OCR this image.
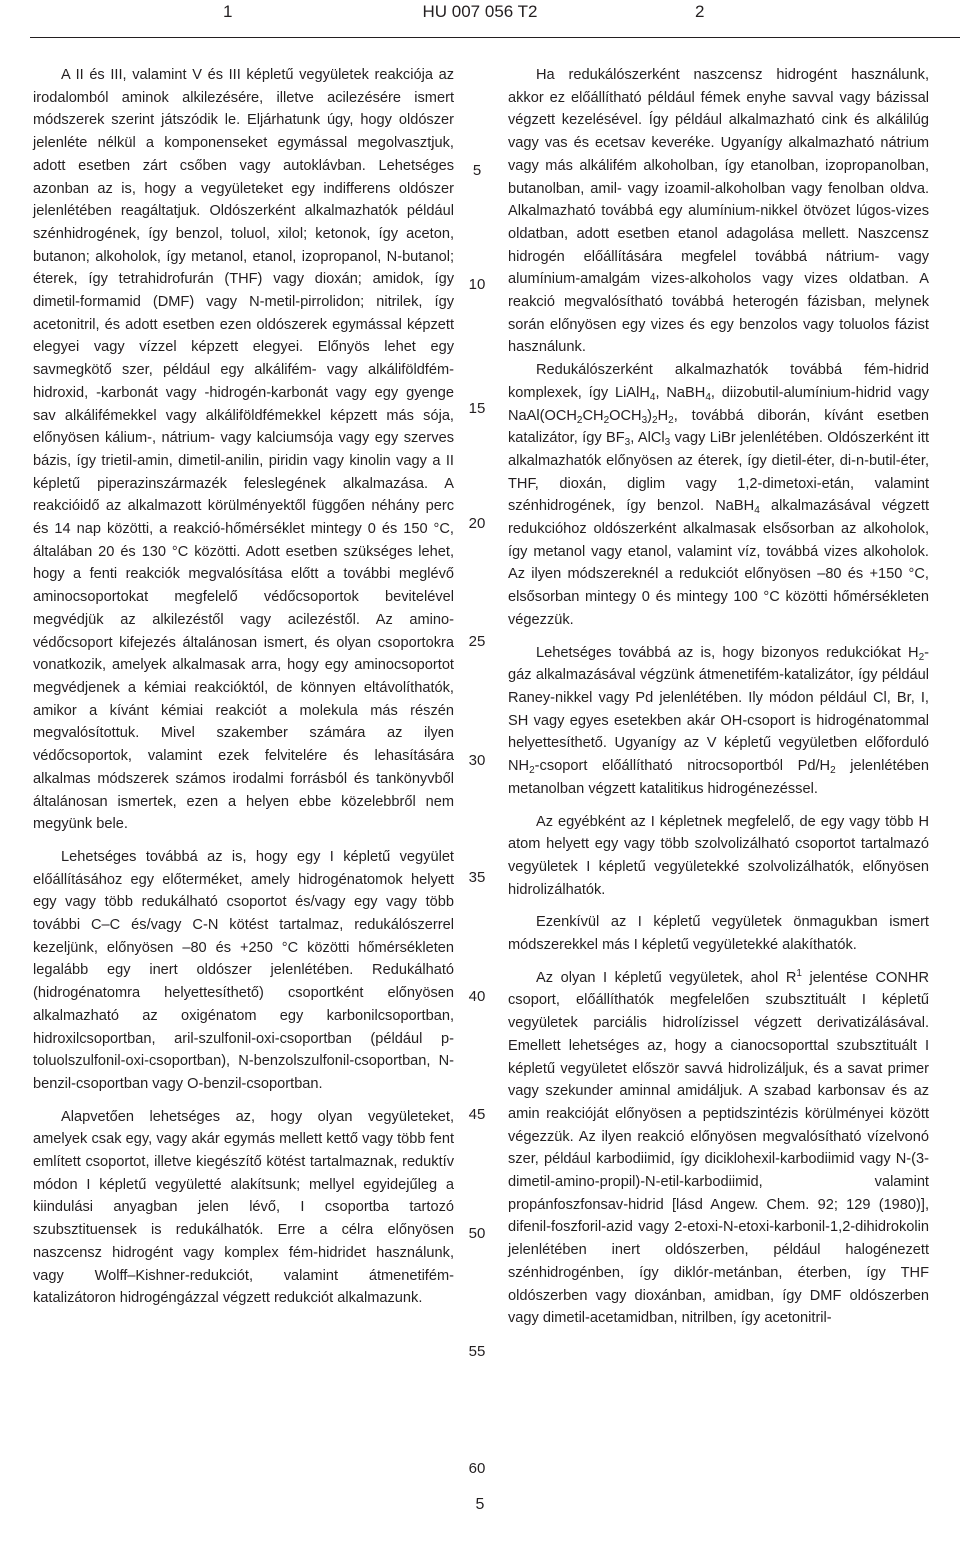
1	HU 007 056 T2	2

A II és III, valamint V és III képletű vegyületek reakciója az irodalomból aminok alkilezésére, illetve acilezésére ismert módszerek szerint játszódik le. Eljárhatunk úgy, hogy oldószer jelenléte nélkül a komponenseket egymással megolvasztjuk, adott esetben zárt csőben vagy autoklávban. Lehetséges azonban az is, hogy a vegyületeket egy indifferens oldószer jelenlétében reagáltatjuk. Oldószerként alkalmazhatók például szénhidrogének, így benzol, toluol, xilol; ketonok, így aceton, butanon; alkoholok, így metanol, etanol, izopropanol, N-butanol; éterek, így tetrahidrofurán (THF) vagy dioxán; amidok, így dimetil-formamid (DMF) vagy N-metil-pirrolidon; nitrilek, így acetonitril, és adott esetben ezen oldószerek egymással képzett elegyei vagy vízzel képzett elegyei. Előnyös lehet egy savmegkötő szer, például egy alkálifém- vagy alkáliföldfém-hidroxid, -karbonát vagy -hidrogén-karbonát vagy egy gyenge sav alkálifémekkel vagy alkáliföldfémekkel képzett más sója, előnyösen kálium-, nátrium- vagy kalciumsója vagy egy szerves bázis, így trietil-amin, dimetil-anilin, piridin vagy kinolin vagy a II képletű piperazinszármazék feleslegének alkalmazása. A reakcióidő az alkalmazott körülményektől függően néhány perc és 14 nap közötti, a reakció-hőmérséklet mintegy 0 és 150 °C, általában 20 és 130 °C közötti. Adott esetben szükséges lehet, hogy a fenti reakciók megvalósítása előtt a további meglévő aminocsoportokat megfelelő védőcsoportok bevitelével megvédjük az alkilezéstől vagy acilezéstől. Az amino-védőcsoport kifejezés általánosan ismert, és olyan csoportokra vonatkozik, amelyek alkalmasak arra, hogy egy aminocsoportot megvédjenek a kémiai reakcióktól, de könnyen eltávolíthatók, amikor a kívánt kémiai reakciót a molekula más részén megvalósítottuk. Mivel szakember számára az ilyen védőcsoportok, valamint ezek felvitelére és lehasítására alkalmas módszerek számos irodalmi forrásból és tankönyvből általánosan ismertek, ezen a helyen ebbe közelebbről nem megyünk bele.

Lehetséges továbbá az is, hogy egy I képletű vegyület előállításához egy előterméket, amely hidrogénatomok helyett egy vagy több redukálható csoportot és/vagy egy vagy több további C–C és/vagy C-N kötést tartalmaz, redukálószerrel kezeljünk, előnyösen –80 és +250 °C közötti hőmérsékleten legalább egy inert oldószer jelenlétében. Redukálható (hidrogénatomra helyettesíthető) csoportként előnyösen alkalmazható az oxigénatom egy karbonilcsoportban, hidroxilcsoportban, aril-szulfonil-oxi-csoportban (például p-toluolszulfonil-oxi-csoportban), N-benzolszulfonil-csoportban, N-benzil-csoportban vagy O-benzil-csoportban.

Alapvetően lehetséges az, hogy olyan vegyületeket, amelyek csak egy, vagy akár egymás mellett kettő vagy több fent említett csoportot, illetve kiegészítő kötést tartalmaznak, reduktív módon I képletű vegyületté alakítsunk; mellyel egyidejűleg a kiindulási anyagban jelen lévő, I csoportba tartozó szubsztituensek is redukálhatók. Erre a célra előnyösen naszcensz hidrogént vagy komplex fém-hidridet használunk, vagy Wolff–Kishner-redukciót, valamint átmenetifém-katalizátoron hidrogéngázzal végzett redukciót alkalmazunk.

Ha redukálószerként naszcensz hidrogént használunk, akkor ez előállítható például fémek enyhe savval vagy bázissal végzett kezelésével. Így például alkalmazható cink és alkálilúg vagy vas és ecetsav keveréke. Ugyanígy alkalmazható nátrium vagy más alkálifém alkoholban, így etanolban, izopropanolban, butanolban, amil- vagy izoamil-alkoholban vagy fenolban oldva. Alkalmazható továbbá egy alumínium-nikkel ötvözet lúgos-vizes oldatban, adott esetben etanol adagolása mellett. Naszcensz hidrogén előállítására megfelel továbbá nátrium- vagy alumínium-amalgám vizes-alkoholos vagy vizes oldatban. A reakció megvalósítható továbbá heterogén fázisban, melynek során előnyösen egy vizes és egy benzolos vagy toluolos fázist használunk.

Redukálószerként alkalmazhatók továbbá fém-hidrid komplexek, így LiAlH$_4$, NaBH$_4$, diizobutil-alumínium-hidrid vagy $NaAl(OCH_2CH_2OCH_3)_2H_2$, továbbá diborán, kívánt esetben katalizátor, így $BF_3$, AlCl$_3$ vagy LiBr jelenlétében. Oldószerként itt alkalmazhatók előnyösen az éterek, így dietil-éter, di-n-butil-éter, THF, dioxán, diglim vagy 1,2-dimetoxi-etán, valamint szénhidrogének, így benzol. NaBH$_4$ alkalmazásával végzett redukcióhoz oldószerként alkalmasak elsősorban az alkoholok, így metanol vagy etanol, valamint víz, továbbá vizes alkoholok. Az ilyen módszereknél a redukciót előnyösen –80 és +150 °C, elsősorban mintegy 0 és mintegy 100 °C közötti hőmérsékleten végezzük.

Lehetséges továbbá az is, hogy bizonyos redukciókat $H_2$-gáz alkalmazásával végzünk átmenetifém-katalizátor, így például Raney-nikkel vagy Pd jelenlétében. Ily módon például Cl, Br, I, SH vagy egyes esetekben akár OH-csoport is hidrogénatommal helyettesíthető. Ugyanígy az V képletű vegyületben előforduló $NH_2$-csoport előállítható nitrocsoportból $Pd/H_2$ jelenlétében metanolban végzett katalitikus hidrogénezéssel.

Az egyébként az I képletnek megfelelő, de egy vagy több H atom helyett egy vagy több szolvolizálható csoportot tartalmazó vegyületek I képletű vegyületekké szolvolizálhatók, előnyösen hidrolizálhatók.

Ezenkívül az I képletű vegyületek önmagukban ismert módszerekkel más I képletű vegyületekké alakíthatók.

Az olyan I képletű vegyületek, ahol $R^1$ jelentése CONHR csoport, előállíthatók megfelelően szubsztituált I képletű vegyületek parciális hidrolízissel végzett derivatizálásával. Emellett lehetséges az, hogy a cianocsoporttal szubsztituált I képletű vegyületet először savvá hidrolizáljuk, és a savat primer vagy szekunder aminnal amidáljuk. A szabad karbonsav és az amin reakcióját előnyösen a peptidszintézis körülményei között végezzük. Az ilyen reakció előnyösen megvalósítható vízelvonó szer, például karbodiimid, így diciklohexil-karbodiimid vagy N-(3-dimetil-amino-propil)-N-etil-karbodiimid, valamint propánfoszfonsav-hidrid [lásd Angew. Chem. 92; 129 (1980)], difenil-foszforil-azid vagy 2-etoxi-N-etoxi-karbonil-1,2-dihidrokolin jelenlétében inert oldószerben, például halogénezett szénhidrogénben, így diklór-metánban, éterben, így THF oldószerben vagy dioxánban, amidban, így DMF oldószerben vagy dimetil-acetamidban, nitrilben, így acetonitril-

5
10
15
20
25
30
35
40
45
50
55
60
5
